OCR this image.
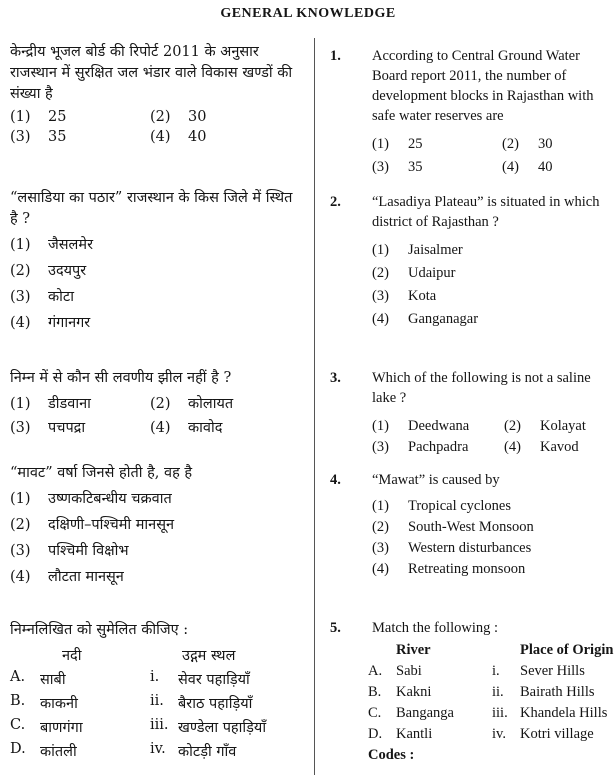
GENERAL KNOWLEDGE
केन्द्रीय भूजल बोर्ड की रिपोर्ट 2011 के अनुसार राजस्थान में सुरक्षित जल भंडार वाले विकास खण्डों की संख्या है
(1) 25	(2) 30
(3) 35	(4) 40
“लसाडिया का पठार” राजस्थान के किस जिले में स्थित है ?
(1) जैसलमेर
(2) उदयपुर
(3) कोटा
(4) गंगानगर
निम्न में से कौन सी लवणीय झील नहीं है ?
(1) डीडवाना	(2) कोलायत
(3) पचपद्रा	(4) कावोद
“मावट” वर्षा जिनसे होती है, वह है
(1) उष्णकटिबन्धीय चक्रवात
(2) दक्षिणी–पश्चिमी मानसून
(3) पश्चिमी विक्षोभ
(4) लौटता मानसून
निम्नलिखित को सुमेलित कीजिए :
नदी	उद्गम स्थल
A.	साबी	i.	सेवर पहाड़ियाँ
B.	काकनी	ii. बैराठ पहाड़ियाँ
C.	बाणगंगा	iii. खण्डेला पहाड़ियाँ
D. कांतली	iv. कोटड़ी गाँव
1. According to Central Ground Water Board report 2011, the number of development blocks in Rajasthan with safe water reserves are
(1) 25	(2) 30
(3) 35	(4) 40
2. “Lasadiya Plateau” is situated in which district of Rajasthan ?
(1) Jaisalmer
(2) Udaipur
(3) Kota
(4) Ganganagar
3. Which of the following is not a saline lake ?
(1) Deedwana	(2) Kolayat
(3) Pachpadra	(4) Kavod
4. “Mawat” is caused by
(1) Tropical cyclones
(2) South-West Monsoon
(3) Western disturbances
(4) Retreating monsoon
5. Match the following :
River	Place of Origin
A. Sabi	i.	Sever Hills
B.	Kakni	ii.	Bairath Hills
C.	Banganga	iii. Khandela Hills
D. Kantli	iv. Kotri village
Codes :
